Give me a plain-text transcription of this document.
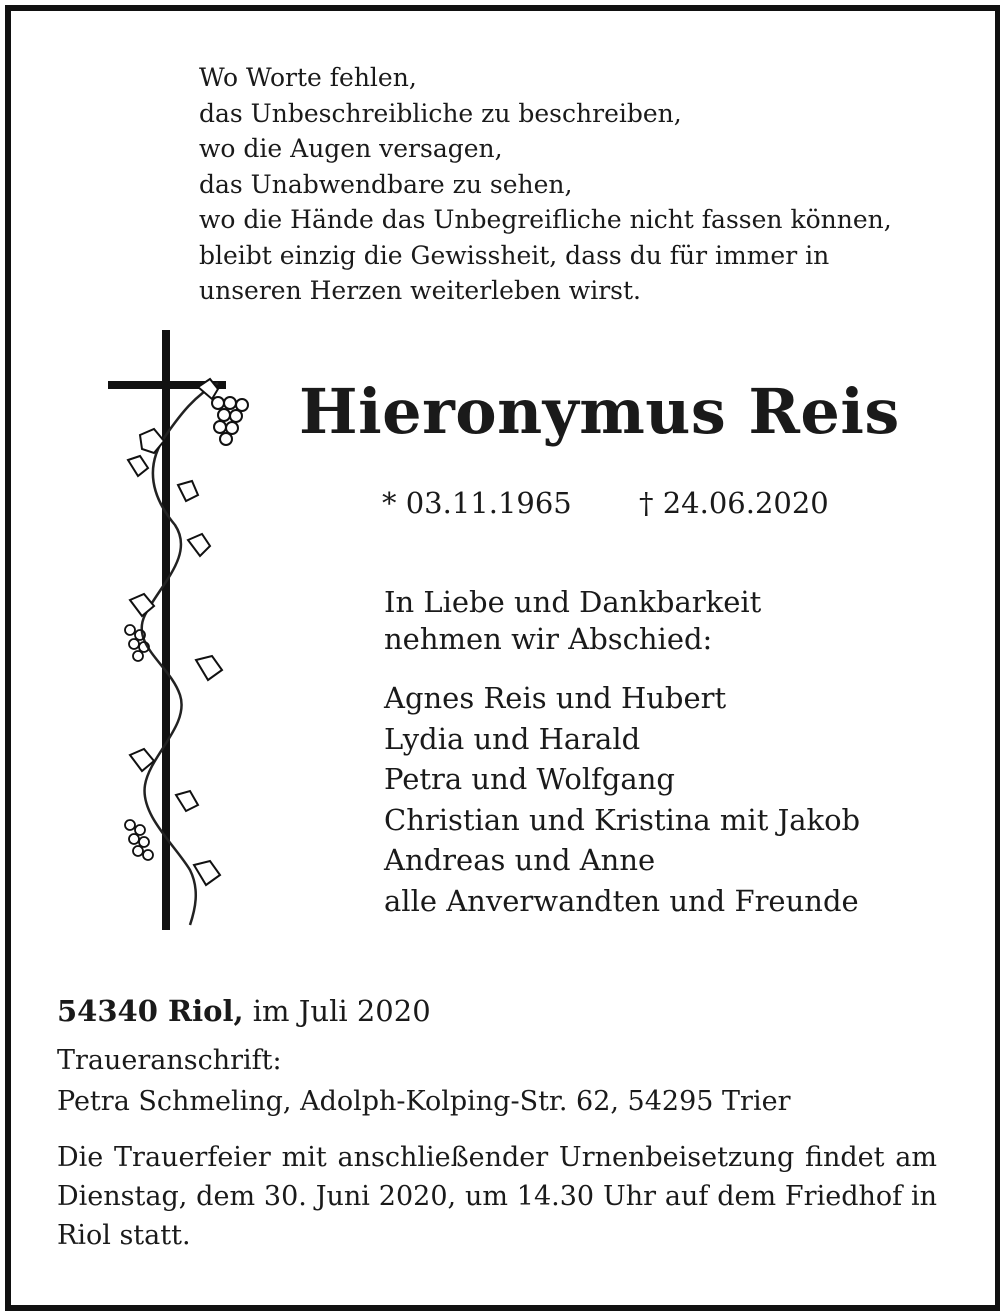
Wo Worte fehlen,
das Unbeschreibliche zu beschreiben,
wo die Augen versagen,
das Unabwendbare zu sehen,
wo die Hände das Unbegreifliche nicht fassen können,
bleibt einzig die Gewissheit, dass du für immer in
unseren Herzen weiterleben wirst.
Hieronymus Reis
* 03.11.1965 † 24.06.2020
In Liebe und Dankbarkeit
nehmen wir Abschied:
Agnes Reis und Hubert
Lydia und Harald
Petra und Wolfgang
Christian und Kristina mit Jakob
Andreas und Anne
alle Anverwandten und Freunde
54340 Riol, im Juli 2020
Traueranschrift:
Petra Schmeling, Adolph-Kolping-Str. 62, 54295 Trier
Die Trauerfeier mit anschließender Urnenbeisetzung findet am Dienstag, dem 30. Juni 2020, um 14.30 Uhr auf dem Friedhof in Riol statt.
